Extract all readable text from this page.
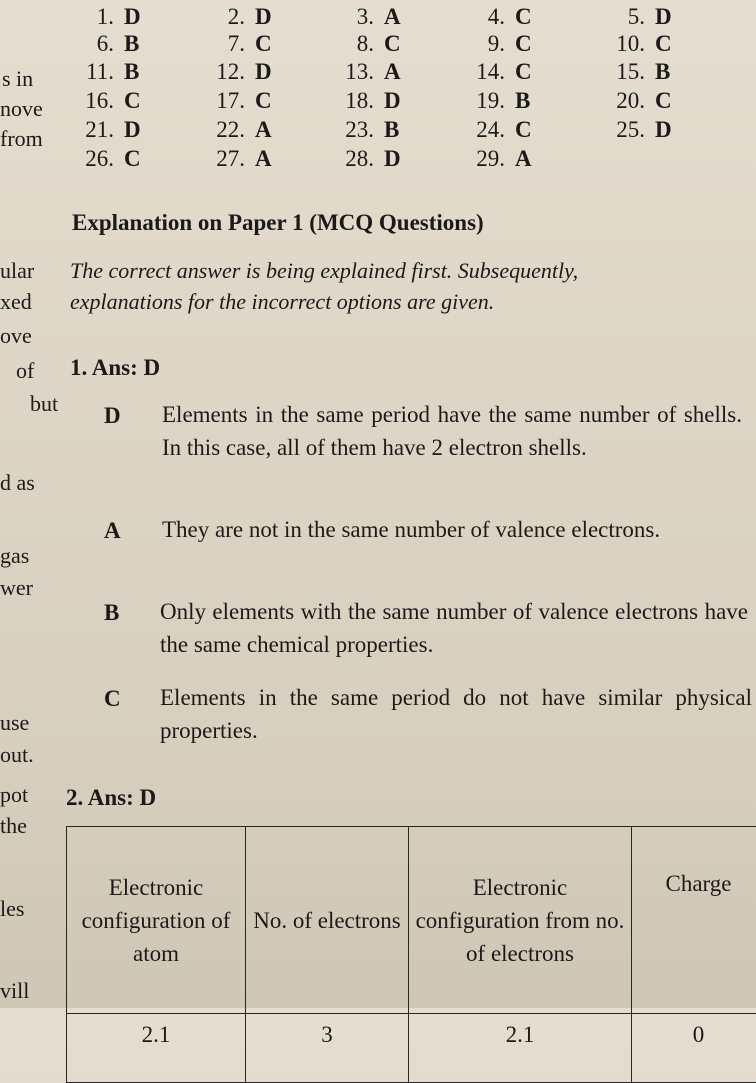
1. D	2. D	3. A	4. C	5. D
6. B	7. C	8. C	9. C	10. C
11. B	12. D	13. A	14. C	15. B
16. C	17. C	18. D	19. B	20. C
21. D	22. A	23. B	24. C	25. D
26. C	27. A	28. D	29. A
s in
nove
from
ular
xed
ove
of
but
d as
gas
wer
use
out.
pot
the
les
vill
Explanation on Paper 1 (MCQ Questions)
The correct answer is being explained first. Subsequently,
explanations for the incorrect options are given.
1. Ans: D
D Elements in the same period have the same number of shells. In this case, all of them have 2 electron shells.
A They are not in the same number of valence electrons.
B Only elements with the same number of valence electrons have the same chemical properties.
C Elements in the same period do not have similar physical properties.
2. Ans: D
Electronic configuration of atom	No. of electrons	Electronic configuration from no. of electrons	Charge
2.1	3	2.1	0
